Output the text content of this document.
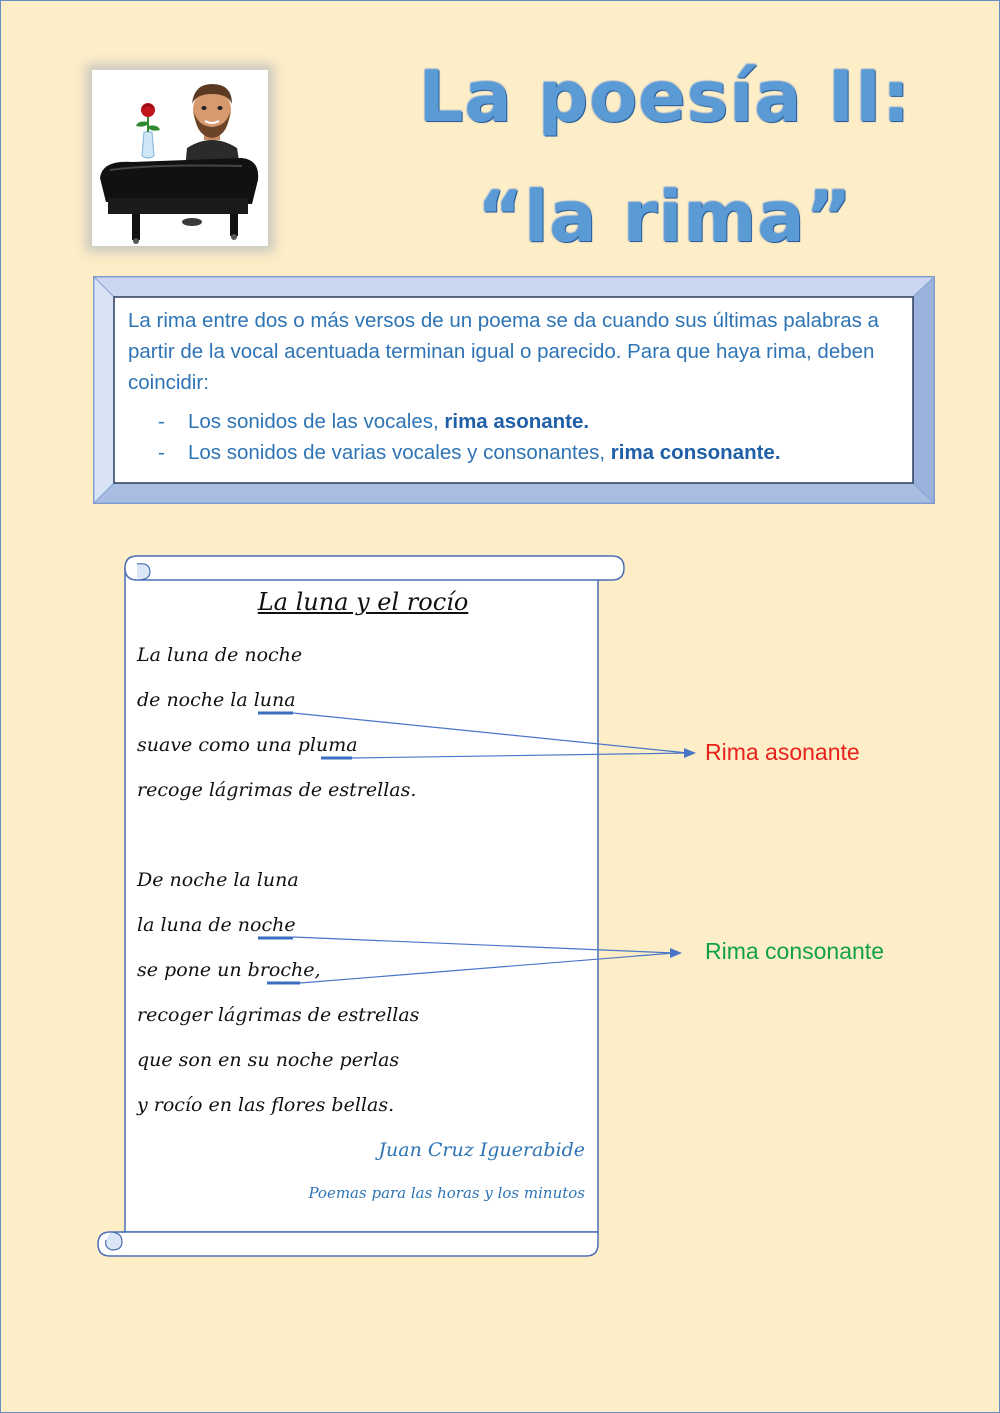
La poesía II:
“la rima”

La rima entre dos o más versos de un poema se da cuando sus últimas palabras a partir de la vocal acentuada terminan igual o parecido. Para que haya rima, deben coincidir:

- Los sonidos de las vocales, rima asonante.
- Los sonidos de varias vocales y consonantes, rima consonante.
La luna y el rocío
La luna de noche
de noche la luna
suave como una pluma
recoge lágrimas de estrellas.
De noche la luna
la luna de noche
se pone un broche,
recoger lágrimas de estrellas
que son en su noche perlas
y rocío en las flores bellas.
Juan Cruz Iguerabide
Poemas para las horas y los minutos
Rima asonante
Rima consonante
